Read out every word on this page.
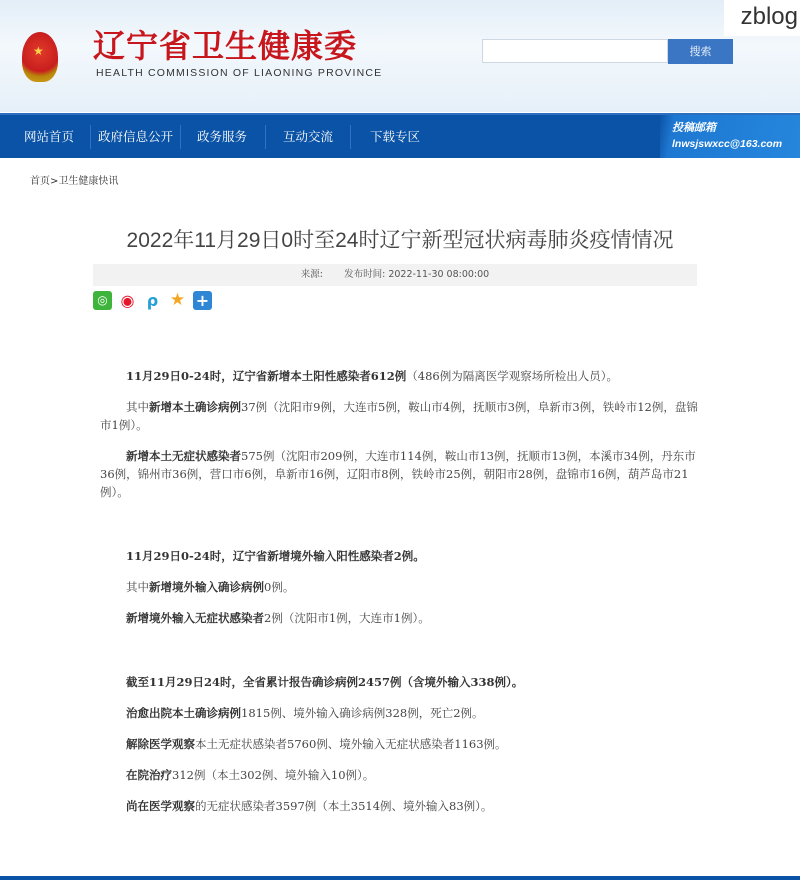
★ 辽宁省卫生健康委
HEALTH COMMISSION OF LIAONING PROVINCE
搜索
zblog
网站首页 政府信息公开 政务服务	互动交流	下载专区
投稿邮箱
lnwsjswxcc@163.com
首页>卫生健康快讯
2022年11月29日0时至24时辽宁新型冠状病毒肺炎疫情情况
来源: 发布时间: 2022-11-30 08:00:00
◎ ◉ ρ ★ +

11月29日0-24时，辽宁省新增本土阳性感染者612例（486例为隔离医学观察场所检出人员）。

其中新增本土确诊病例37例（沈阳市9例，大连市5例，鞍山市4例，抚顺市3例，阜新市3例，铁岭市12例，盘锦市1例）。

新增本土无症状感染者575例（沈阳市209例，大连市114例，鞍山市13例，抚顺市13例，本溪市34例，丹东市36例，锦州市36例，营口市6例，阜新市16例，辽阳市8例，铁岭市25例，朝阳市28例，盘锦市16例，葫芦岛市21例）。

11月29日0-24时，辽宁省新增境外输入阳性感染者2例。

其中新增境外输入确诊病例0例。

新增境外输入无症状感染者2例（沈阳市1例，大连市1例）。

截至11月29日24时，全省累计报告确诊病例2457例（含境外输入338例）。

治愈出院本土确诊病例1815例、境外输入确诊病例328例，死亡2例。

解除医学观察本土无症状感染者5760例、境外输入无症状感染者1163例。

在院治疗312例（本土302例、境外输入10例）。

尚在医学观察的无症状感染者3597例（本土3514例、境外输入83例）。
